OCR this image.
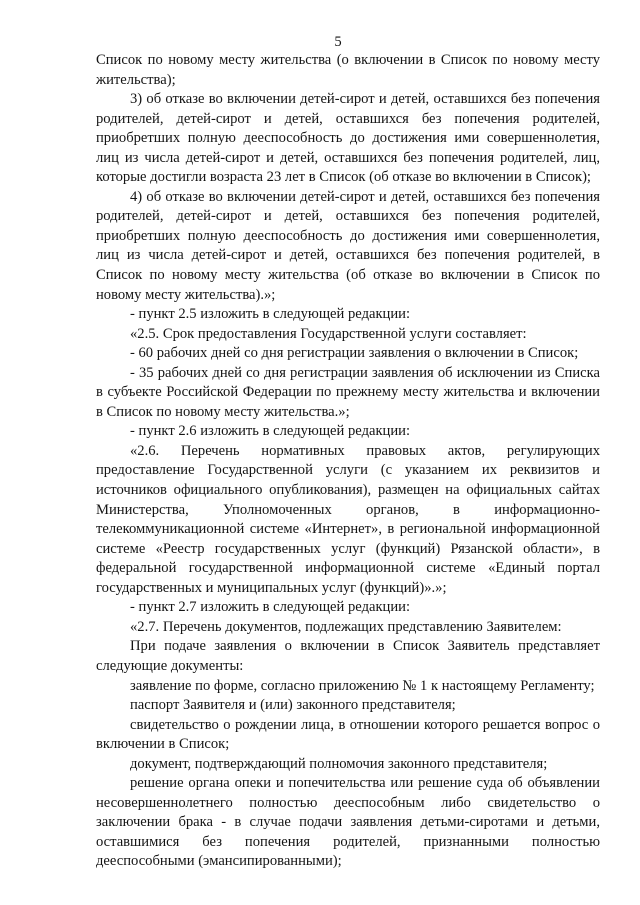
5

Список по новому месту жительства (о включении в Список по новому месту жительства);

3) об отказе во включении детей-сирот и детей, оставшихся без попечения родителей, детей-сирот и детей, оставшихся без попечения родителей, приобретших полную дееспособность до достижения ими совершеннолетия, лиц из числа детей-сирот и детей, оставшихся без попечения родителей, лиц, которые достигли возраста 23 лет в Список (об отказе во включении в Список);

4) об отказе во включении детей-сирот и детей, оставшихся без попечения родителей, детей-сирот и детей, оставшихся без попечения родителей, приобретших полную дееспособность до достижения ими совершеннолетия, лиц из числа детей-сирот и детей, оставшихся без попечения родителей, в Список по новому месту жительства (об отказе во включении в Список по новому месту жительства).»;

- пункт 2.5 изложить в следующей редакции:

«2.5. Срок предоставления Государственной услуги составляет:

- 60 рабочих дней со дня регистрации заявления о включении в Список;

- 35 рабочих дней со дня регистрации заявления об исключении из Списка в субъекте Российской Федерации по прежнему месту жительства и включении в Список по новому месту жительства.»;

- пункт 2.6 изложить в следующей редакции:

«2.6. Перечень нормативных правовых актов, регулирующих предоставление Государственной услуги (с указанием их реквизитов и источников официального опубликования), размещен на официальных сайтах Министерства, Уполномоченных органов, в информационно-телекоммуникационной системе «Интернет», в региональной информационной системе «Реестр государственных услуг (функций) Рязанской области», в федеральной государственной информационной системе «Единый портал государственных и муниципальных услуг (функций)».»;

- пункт 2.7 изложить в следующей редакции:

«2.7. Перечень документов, подлежащих представлению Заявителем:

При подаче заявления о включении в Список Заявитель представляет следующие документы:

заявление по форме, согласно приложению № 1 к настоящему Регламенту;

паспорт Заявителя и (или) законного представителя;

свидетельство о рождении лица, в отношении которого решается вопрос о включении в Список;

документ, подтверждающий полномочия законного представителя;

решение органа опеки и попечительства или решение суда об объявлении несовершеннолетнего полностью дееспособным либо свидетельство о заключении брака - в случае подачи заявления детьми-сиротами и детьми, оставшимися без попечения родителей, признанными полностью дееспособными (эмансипированными);
